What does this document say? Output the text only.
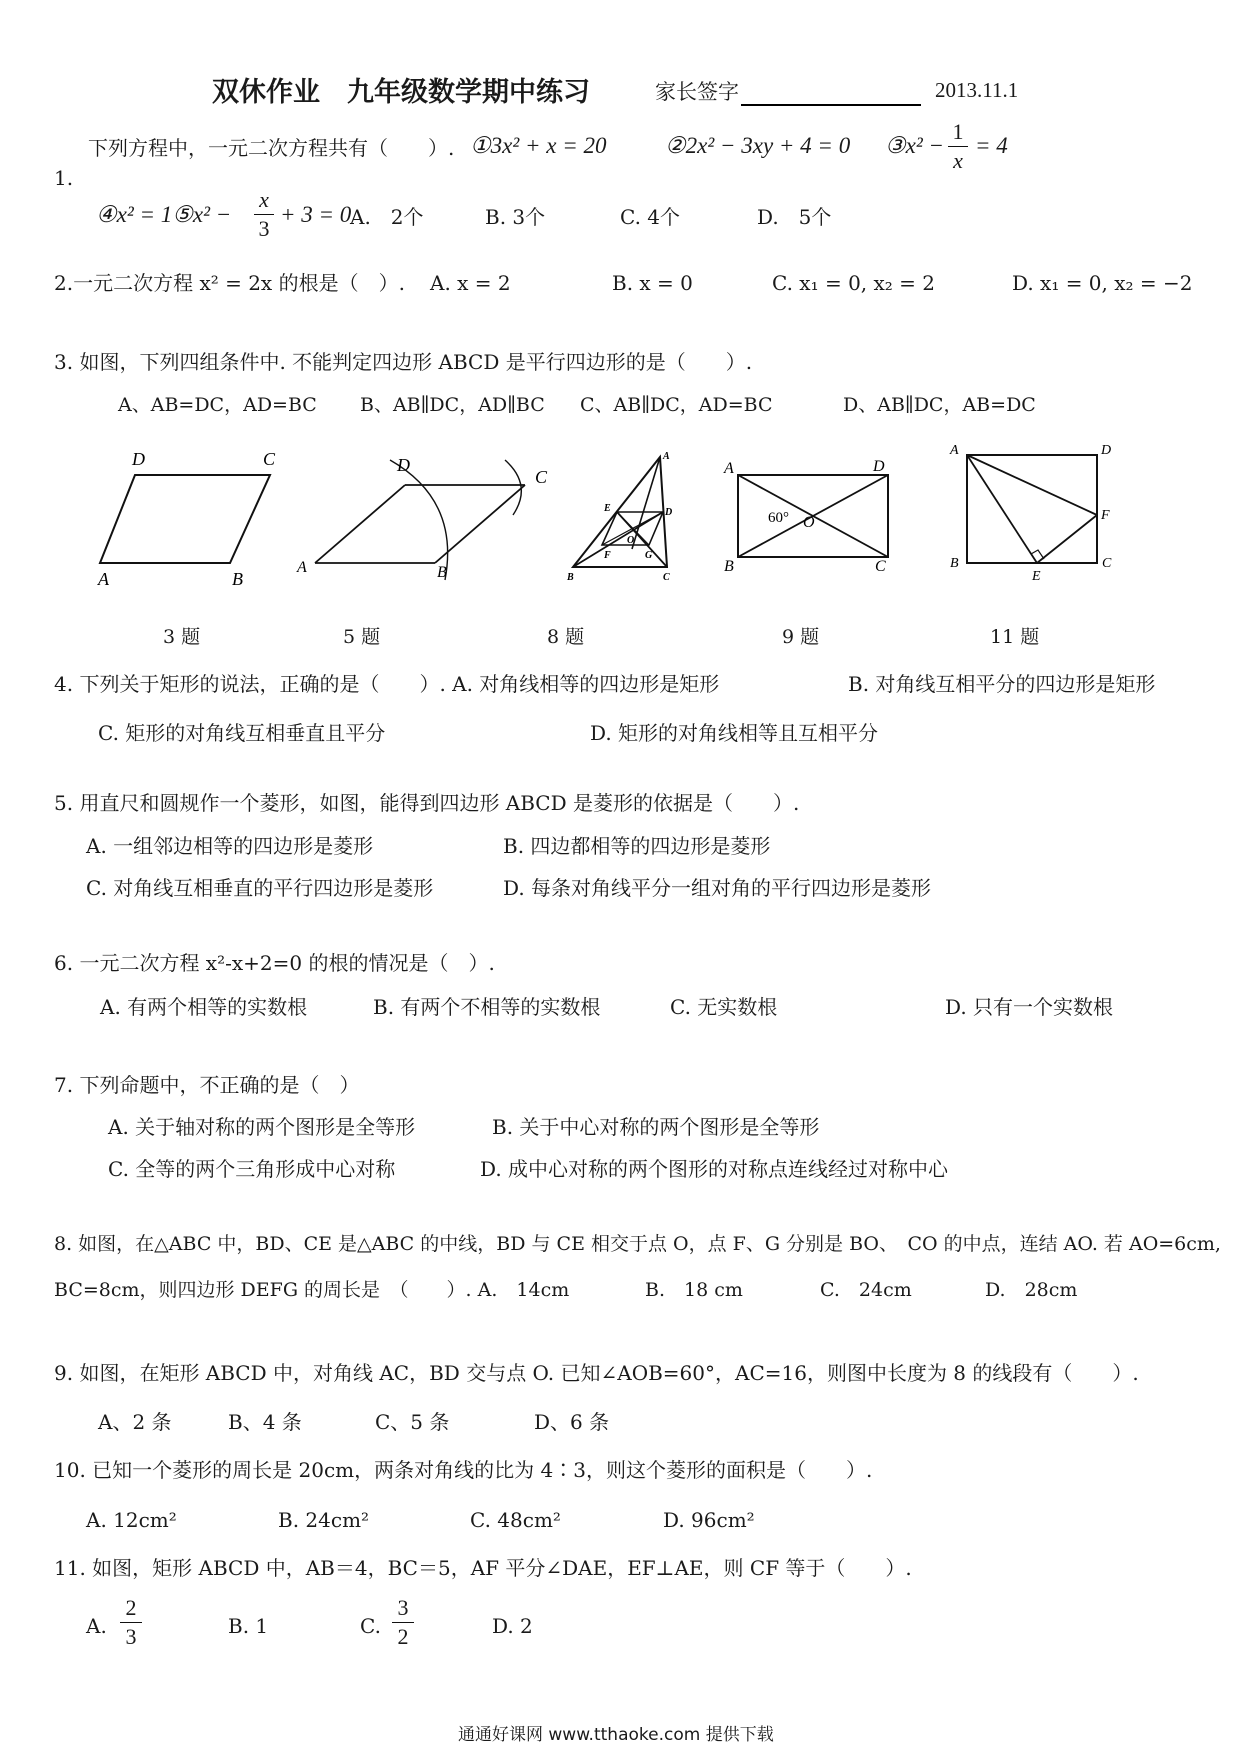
双休作业　九年级数学期中练习	家长签字	2013.11.1
下列方程中，一元二次方程共有（　　）. ①3x² + x = 20	②2x² − 3xy + 4 = 0 ③x² −
1
x
= 4
1.
④x² = 1⑤x² −
x
3
+ 3 = 0
A.　2个	B. 3个	C. 4个	D.　5个
2.一元二次方程 x² = 2x 的根是（　）. A. x = 2	B. x = 0	C. x₁ = 0, x₂ = 2	D. x₁ = 0, x₂ = −2
3. 如图，下列四组条件中. 不能判定四边形 ABCD 是平行四边形的是（　　）.
A、AB=DC，AD=BC B、AB∥DC，AD∥BC C、AB∥DC，AD=BC	D、AB∥DC，AB=DC
D	C
A	B
D
C
A	B
A
E	D
O
F	G
B	C
A	D
B	C
O
60°
A	D
B	C
F
E
3 题	5 题	8 题	9 题	11 题
4. 下列关于矩形的说法，正确的是（　　）. A. 对角线相等的四边形是矩形	B. 对角线互相平分的四边形是矩形
C. 矩形的对角线互相垂直且平分	D. 矩形的对角线相等且互相平分
5. 用直尺和圆规作一个菱形，如图，能得到四边形 ABCD 是菱形的依据是（　　）.
A. 一组邻边相等的四边形是菱形	B. 四边都相等的四边形是菱形
C. 对角线互相垂直的平行四边形是菱形	D. 每条对角线平分一组对角的平行四边形是菱形
6. 一元二次方程 x²-x+2=0 的根的情况是（　）.
A. 有两个相等的实数根	B. 有两个不相等的实数根	C. 无实数根	D. 只有一个实数根
7. 下列命题中，不正确的是（　）
A. 关于轴对称的两个图形是全等形	B. 关于中心对称的两个图形是全等形
C. 全等的两个三角形成中心对称	D. 成中心对称的两个图形的对称点连线经过对称中心
8. 如图，在△ABC 中，BD、CE 是△ABC 的中线，BD 与 CE 相交于点 O，点 F、G 分别是 BO、　CO 的中点，连结 AO. 若 AO=6cm,
BC=8cm，则四边形 DEFG 的周长是　（　　）. A.　14cm	B.　18 cm	C.　24cm	D.　28cm
9. 如图，在矩形 ABCD 中，对角线 AC，BD 交与点 O. 已知∠AOB=60°，AC=16，则图中长度为 8 的线段有（　　）.
A、2 条	B、4 条	C、5 条	D、6 条
10. 已知一个菱形的周长是 20cm，两条对角线的比为 4∶3，则这个菱形的面积是（　　）.
A. 12cm²	B. 24cm²	C. 48cm²	D. 96cm²
11. 如图，矩形 ABCD 中，AB＝4，BC＝5，AF 平分∠DAE，EF⊥AE，则 CF 等于（　　）.
A.
2
3	B. 1	C.
3
2	D. 2
通通好课网 www.tthaoke.com 提供下载
